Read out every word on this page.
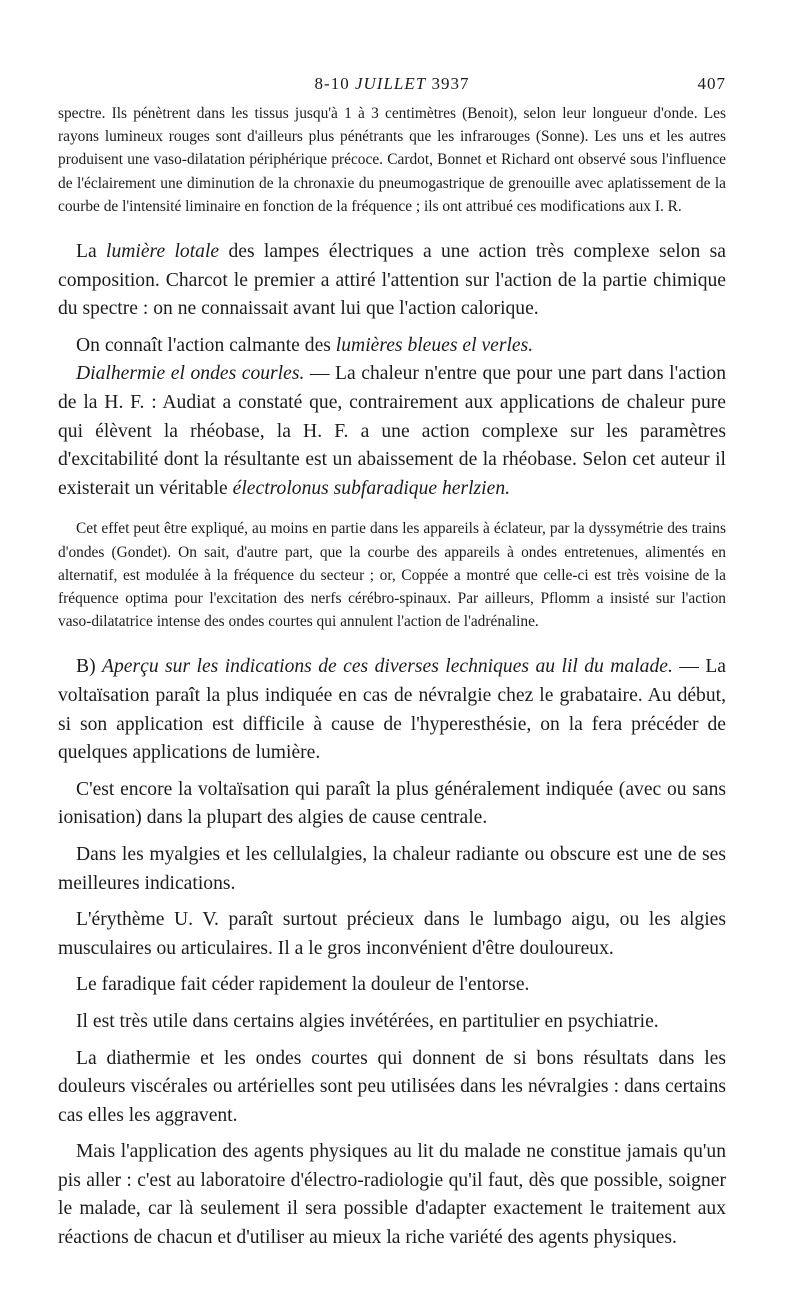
8-10 JUILLET 3937	407

spectre. Ils pénètrent dans les tissus jusqu'à 1 à 3 centimètres (Benoit), selon leur longueur d'onde. Les rayons lumineux rouges sont d'ailleurs plus pénétrants que les infrarouges (Sonne). Les uns et les autres produisent une vaso-dilatation périphérique précoce. Cardot, Bonnet et Richard ont observé sous l'influence de l'éclairement une diminution de la chronaxie du pneumogastrique de grenouille avec aplatissement de la courbe de l'intensité liminaire en fonction de la fréquence ; ils ont attribué ces modifications aux I. R.

La lumière lotale des lampes électriques a une action très complexe selon sa composition. Charcot le premier a attiré l'attention sur l'action de la partie chimique du spectre : on ne connaissait avant lui que l'action calorique.

On connaît l'action calmante des lumières bleues el verles.

Dialhermie el ondes courles. — La chaleur n'entre que pour une part dans l'action de la H. F. : Audiat a constaté que, contrairement aux applications de chaleur pure qui élèvent la rhéobase, la H. F. a une action complexe sur les paramètres d'excitabilité dont la résultante est un abaissement de la rhéobase. Selon cet auteur il existerait un véritable électrolonus subfaradique herlzien.

Cet effet peut être expliqué, au moins en partie dans les appareils à éclateur, par la dyssymétrie des trains d'ondes (Gondet). On sait, d'autre part, que la courbe des appareils à ondes entretenues, alimentés en alternatif, est modulée à la fréquence du secteur ; or, Coppée a montré que celle-ci est très voisine de la fréquence optima pour l'excitation des nerfs cérébro-spinaux. Par ailleurs, Pflomm a insisté sur l'action vaso-dilatatrice intense des ondes courtes qui annulent l'action de l'adrénaline.

B) Aperçu sur les indications de ces diverses lechniques au lil du malade. — La voltaïsation paraît la plus indiquée en cas de névralgie chez le grabataire. Au début, si son application est difficile à cause de l'hyperesthésie, on la fera précéder de quelques applications de lumière.

C'est encore la voltaïsation qui paraît la plus généralement indiquée (avec ou sans ionisation) dans la plupart des algies de cause centrale.

Dans les myalgies et les cellulalgies, la chaleur radiante ou obscure est une de ses meilleures indications.

L'érythème U. V. paraît surtout précieux dans le lumbago aigu, ou les algies musculaires ou articulaires. Il a le gros inconvénient d'être douloureux.

Le faradique fait céder rapidement la douleur de l'entorse.

Il est très utile dans certains algies invétérées, en partitulier en psychiatrie.

La diathermie et les ondes courtes qui donnent de si bons résultats dans les douleurs viscérales ou artérielles sont peu utilisées dans les névralgies : dans certains cas elles les aggravent.

Mais l'application des agents physiques au lit du malade ne constitue jamais qu'un pis aller : c'est au laboratoire d'électro-radiologie qu'il faut, dès que possible, soigner le malade, car là seulement il sera possible d'adapter exactement le traitement aux réactions de chacun et d'utiliser au mieux la riche variété des agents physiques.
